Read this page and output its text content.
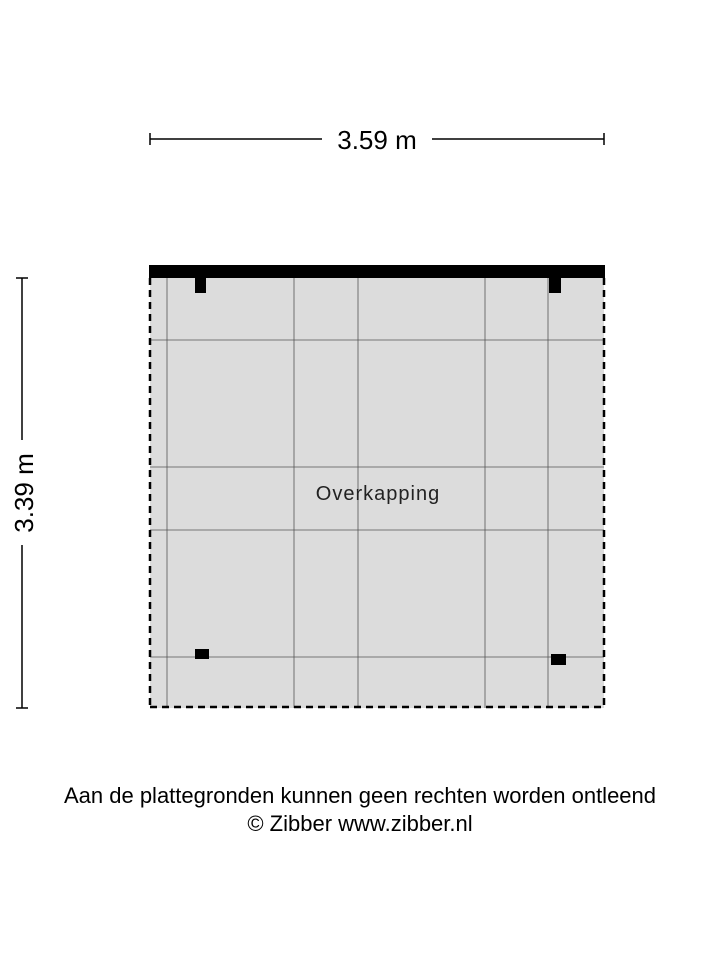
3.59 m
3.39 m	Overkapping
Aan de plattegronden kunnen geen rechten worden ontleend
© Zibber www.zibber.nl
